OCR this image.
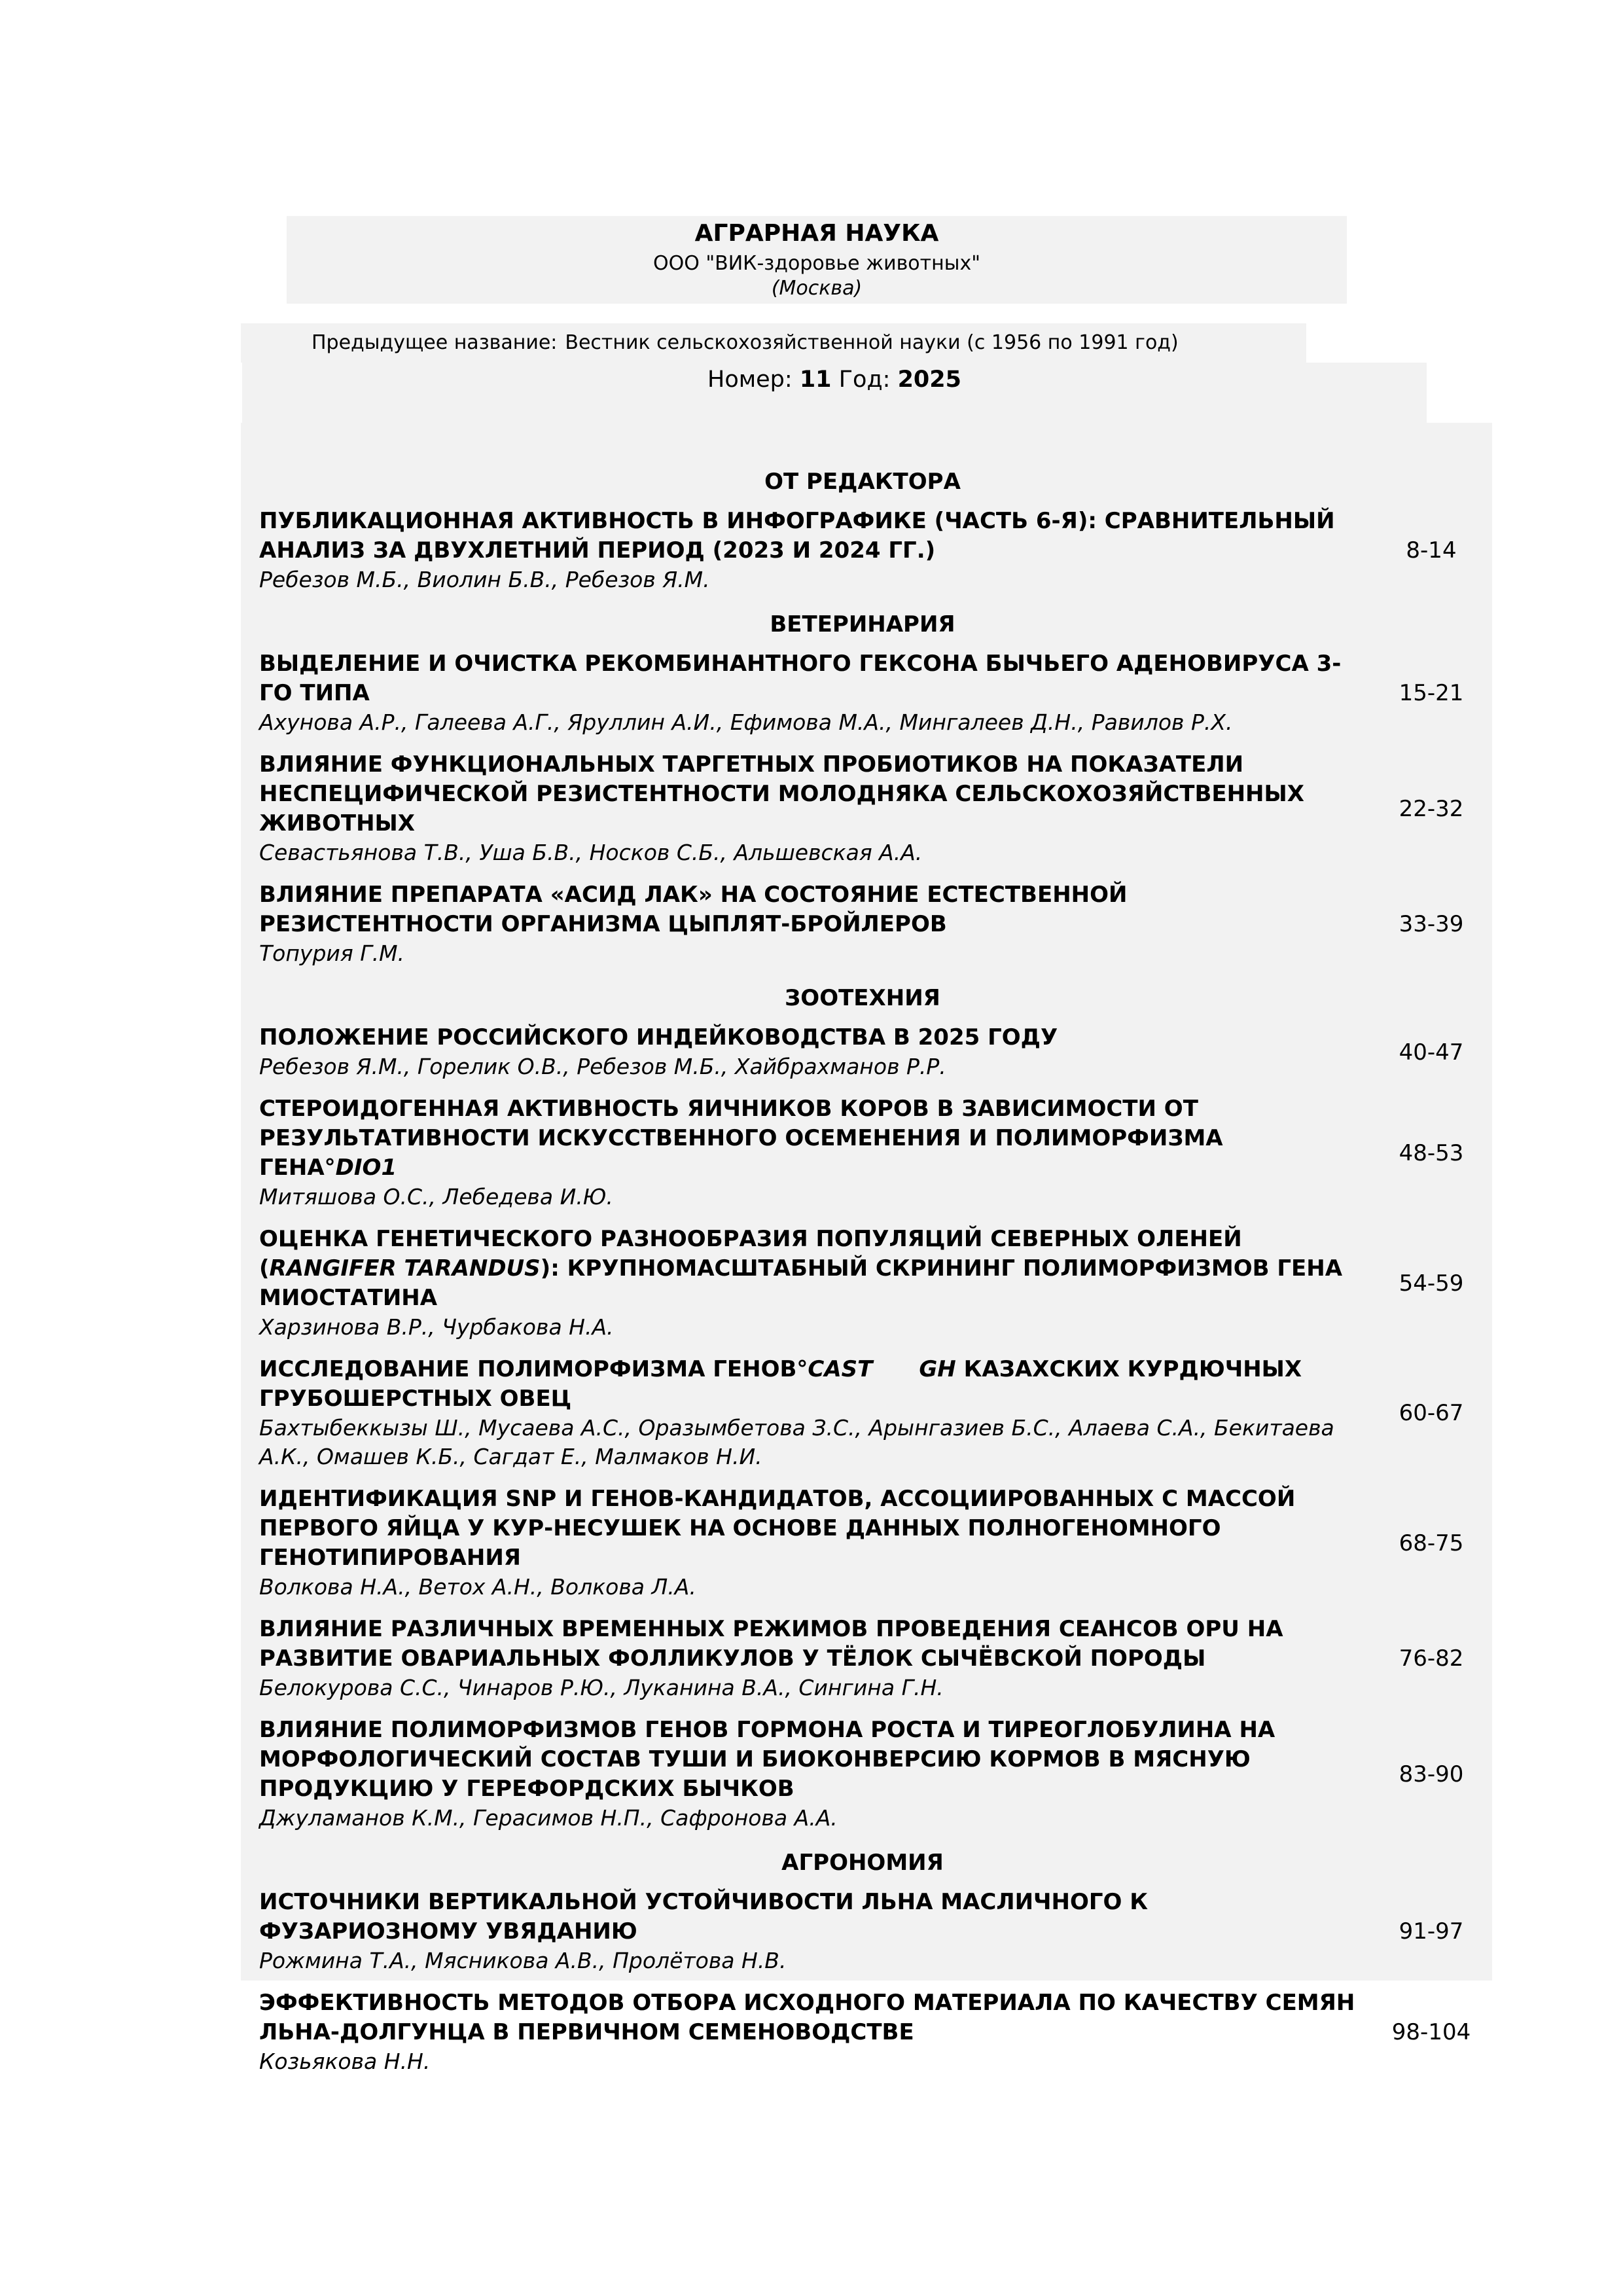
АГРАРНАЯ НАУКА
ООО "ВИК-здоровье животных"
(Москва)
Предыдущее название: Вестник сельскохозяйственной науки (с 1956 по 1991 год)
Номер: 11 Год: 2025
ОТ РЕДАКТОРА
ПУБЛИКАЦИОННАЯ АКТИВНОСТЬ В ИНФОГРАФИКЕ (ЧАСТЬ 6-Я): СРАВНИТЕЛЬНЫЙ АНАЛИЗ ЗА ДВУХЛЕТНИЙ ПЕРИОД (2023 И 2024 ГГ.)
Ребезов М.Б., Виолин Б.В., Ребезов Я.М.
8-14
ВЕТЕРИНАРИЯ
ВЫДЕЛЕНИЕ И ОЧИСТКА РЕКОМБИНАНТНОГО ГЕКСОНА БЫЧЬЕГО АДЕНОВИРУСА 3-ГО ТИПА
Ахунова А.Р., Галеева А.Г., Яруллин А.И., Ефимова М.А., Мингалеев Д.Н., Равилов Р.Х.
15-21
ВЛИЯНИЕ ФУНКЦИОНАЛЬНЫХ ТАРГЕТНЫХ ПРОБИОТИКОВ НА ПОКАЗАТЕЛИ НЕСПЕЦИФИЧЕСКОЙ РЕЗИСТЕНТНОСТИ МОЛОДНЯКА СЕЛЬСКОХОЗЯЙСТВЕННЫХ ЖИВОТНЫХ
Севастьянова Т.В., Уша Б.В., Носков С.Б., Альшевская А.А.
22-32
ВЛИЯНИЕ ПРЕПАРАТА «АСИД ЛАК» НА СОСТОЯНИЕ ЕСТЕСТВЕННОЙ РЕЗИСТЕНТНОСТИ ОРГАНИЗМА ЦЫПЛЯТ-БРОЙЛЕРОВ
Топурия Г.М.
33-39
ЗООТЕХНИЯ
ПОЛОЖЕНИЕ РОССИЙСКОГО ИНДЕЙКОВОДСТВА В 2025 ГОДУ
Ребезов Я.М., Горелик О.В., Ребезов М.Б., Хайбрахманов Р.Р.
40-47
СТЕРОИДОГЕННАЯ АКТИВНОСТЬ ЯИЧНИКОВ КОРОВ В ЗАВИСИМОСТИ ОТ РЕЗУЛЬТАТИВНОСТИ ИСКУССТВЕННОГО ОСЕМЕНЕНИЯ И ПОЛИМОРФИЗМА ГЕНА°DIO1
Митяшова О.С., Лебедева И.Ю.
48-53
ОЦЕНКА ГЕНЕТИЧЕСКОГО РАЗНООБРАЗИЯ ПОПУЛЯЦИЙ СЕВЕРНЫХ ОЛЕНЕЙ (RANGIFER TARANDUS): КРУПНОМАСШТАБНЫЙ СКРИНИНГ ПОЛИМОРФИЗМОВ ГЕНА МИОСТАТИНА
Харзинова В.Р., Чурбакова Н.А.
54-59
ИССЛЕДОВАНИЕ ПОЛИМОРФИЗМА ГЕНОВ°CAST      GH КАЗАХСКИХ КУРДЮЧНЫХ ГРУБОШЕРСТНЫХ ОВЕЦ
Бахтыбеккызы Ш., Мусаева А.С., Оразымбетова З.С., Арынгазиев Б.С., Алаева С.А., Бекитаева А.К., Омашев К.Б., Сагдат Е., Малмаков Н.И.
60-67
ИДЕНТИФИКАЦИЯ SNP И ГЕНОВ-КАНДИДАТОВ, АССОЦИИРОВАННЫХ С МАССОЙ ПЕРВОГО ЯЙЦА У КУР-НЕСУШЕК НА ОСНОВЕ ДАННЫХ ПОЛНОГЕНОМНОГО ГЕНОТИПИРОВАНИЯ
Волкова Н.А., Ветох А.Н., Волкова Л.А.
68-75
ВЛИЯНИЕ РАЗЛИЧНЫХ ВРЕМЕННЫХ РЕЖИМОВ ПРОВЕДЕНИЯ СЕАНСОВ OPU НА РАЗВИТИЕ ОВАРИАЛЬНЫХ ФОЛЛИКУЛОВ У ТЁЛОК СЫЧЁВСКОЙ ПОРОДЫ
Белокурова С.С., Чинаров Р.Ю., Луканина В.А., Сингина Г.Н.
76-82
ВЛИЯНИЕ ПОЛИМОРФИЗМОВ ГЕНОВ ГОРМОНА РОСТА И ТИРЕОГЛОБУЛИНА НА МОРФОЛОГИЧЕСКИЙ СОСТАВ ТУШИ И БИОКОНВЕРСИЮ КОРМОВ В МЯСНУЮ ПРОДУКЦИЮ У ГЕРЕФОРДСКИХ БЫЧКОВ
Джуламанов К.М., Герасимов Н.П., Сафронова А.А.
83-90
АГРОНОМИЯ
ИСТОЧНИКИ ВЕРТИКАЛЬНОЙ УСТОЙЧИВОСТИ ЛЬНА МАСЛИЧНОГО К ФУЗАРИОЗНОМУ УВЯДАНИЮ
Рожмина Т.А., Мясникова А.В., Пролётова Н.В.
91-97
ЭФФЕКТИВНОСТЬ МЕТОДОВ ОТБОРА ИСХОДНОГО МАТЕРИАЛА ПО КАЧЕСТВУ СЕМЯН ЛЬНА-ДОЛГУНЦА В ПЕРВИЧНОМ СЕМЕНОВОДСТВЕ
Козьякова Н.Н.
98-104
